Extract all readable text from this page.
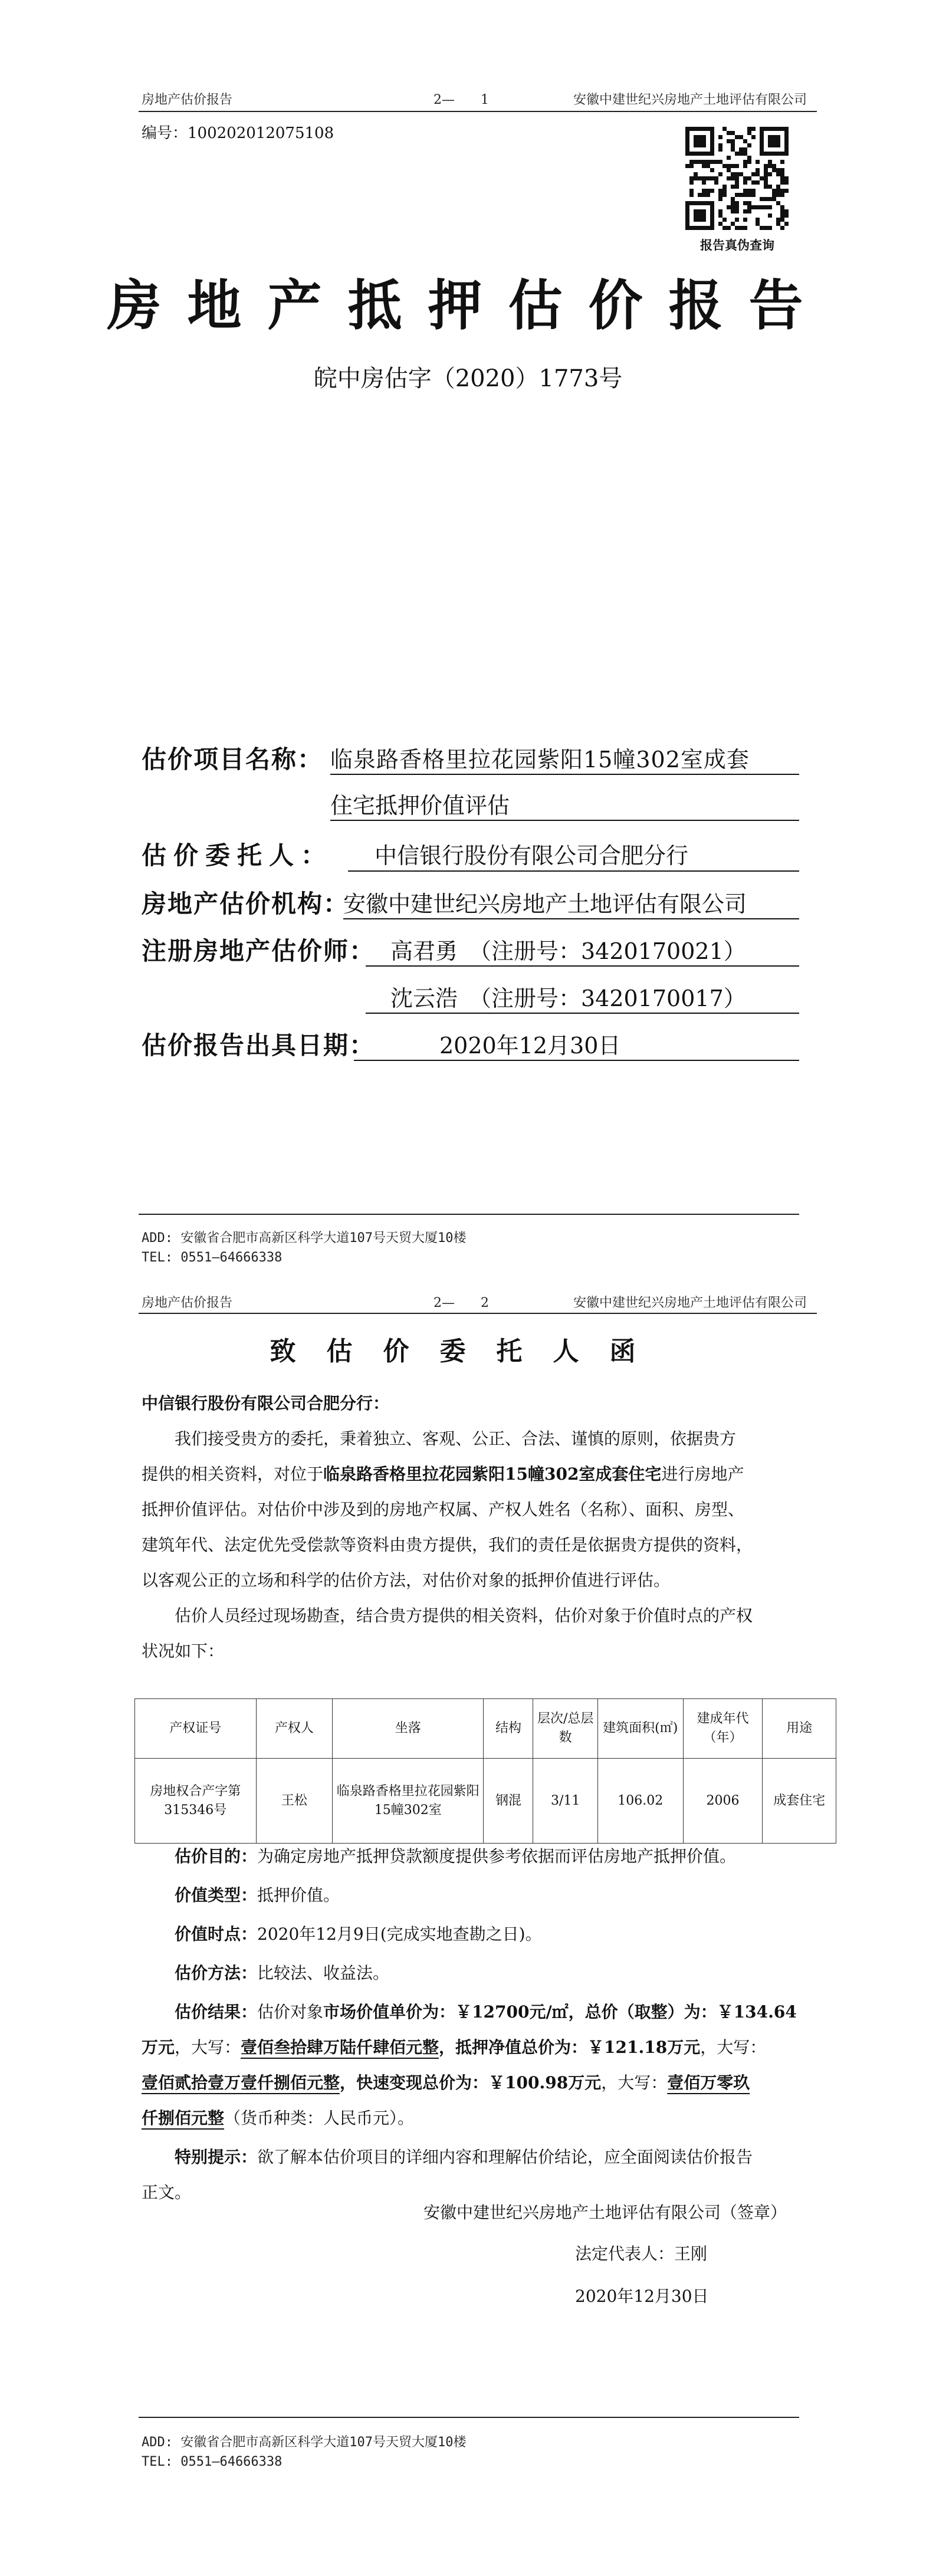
房地产估价报告	2—　　1	安徽中建世纪兴房地产土地评估有限公司
编号：100202012075108
报告真伪查询
房地产抵押估价报告
皖中房估字（2020）1773号
估价项目名称： 临泉路香格里拉花园紫阳15幢302室成套
住宅抵押价值评估
估价委托人： 中信银行股份有限公司合肥分行
房地产估价机构：
安徽中建世纪兴房地产土地评估有限公司
注册房地产估价师： 高君勇　（注册号：3420170021）
沈云浩　（注册号：3420170017）
估价报告出具日期：	2020年12月30日
ADD: 安徽省合肥市高新区科学大道107号天贸大厦10楼
TEL: 0551—64666338
房地产估价报告	2—　　2	安徽中建世纪兴房地产土地评估有限公司
致估价委托人函
中信银行股份有限公司合肥分行：
我们接受贵方的委托，秉着独立、客观、公正、合法、谨慎的原则，依据贵方
提供的相关资料，对位于临泉路香格里拉花园紫阳15幢302室成套住宅进行房地产
抵押价值评估。对估价中涉及到的房地产权属、产权人姓名（名称）、面积、房型、
建筑年代、法定优先受偿款等资料由贵方提供，我们的责任是依据贵方提供的资料，
以客观公正的立场和科学的估价方法，对估价对象的抵押价值进行评估。
估价人员经过现场勘查，结合贵方提供的相关资料，估价对象于价值时点的产权
状况如下：
产权证号	产权人	坐落	结构	层次/总层数	建筑面积(㎡)	建成年代（年）	用途
房地权合产字第315346号	王松	临泉路香格里拉花园紫阳15幢302室	钢混	3/11	106.02	2006	成套住宅
估价目的：为确定房地产抵押贷款额度提供参考依据而评估房地产抵押价值。
价值类型：抵押价值。
价值时点：2020年12月9日(完成实地查勘之日)。
估价方法：比较法、收益法。
估价结果：估价对象市场价值单价为：￥12700元/㎡，总价（取整）为：￥134.64
万元，大写：壹佰叁拾肆万陆仟肆佰元整，抵押净值总价为：￥121.18万元，大写：
壹佰贰拾壹万壹仟捌佰元整，快速变现总价为：￥100.98万元，大写：壹佰万零玖
仟捌佰元整（货币种类：人民币元）。
特别提示：欲了解本估价项目的详细内容和理解估价结论，应全面阅读估价报告
正文。
安徽中建世纪兴房地产土地评估有限公司（签章）
法定代表人：王刚
2020年12月30日
ADD: 安徽省合肥市高新区科学大道107号天贸大厦10楼
TEL: 0551—64666338
